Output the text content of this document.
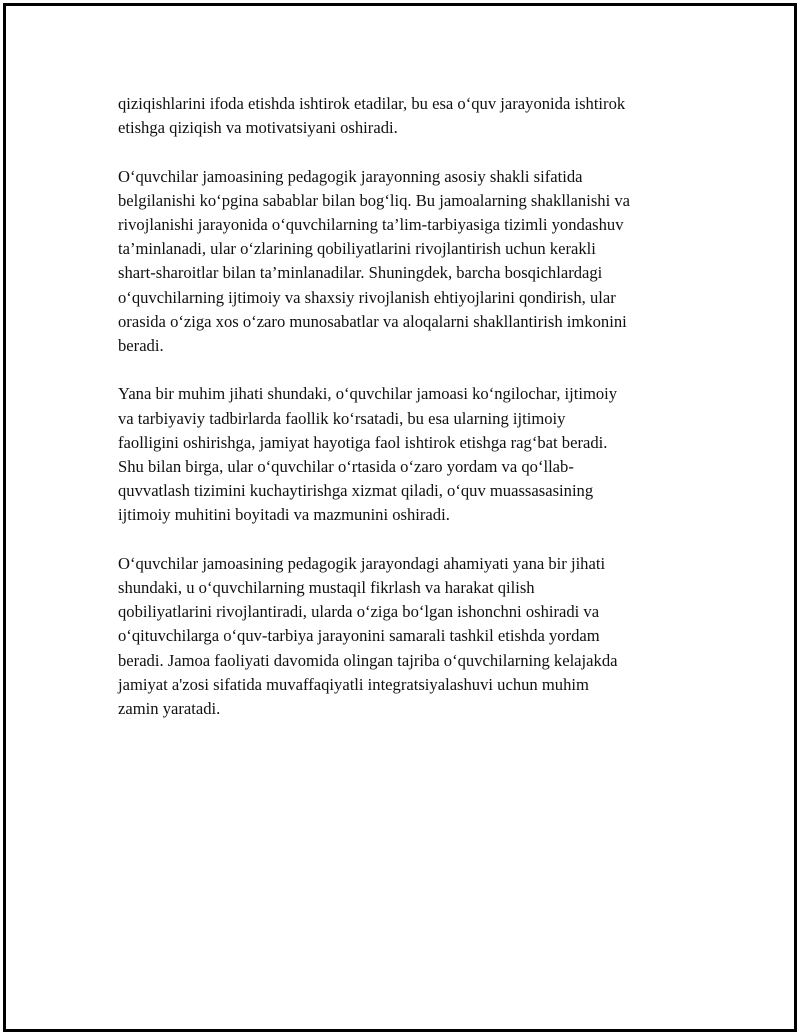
qiziqishlarini ifoda etishda ishtirok etadilar, bu esa o‘quv jarayonida ishtirok
etishga qiziqish va motivatsiyani oshiradi.

O‘quvchilar jamoasining pedagogik jarayonning asosiy shakli sifatida
belgilanishi ko‘pgina sabablar bilan bog‘liq. Bu jamoalarning shakllanishi va
rivojlanishi jarayonida o‘quvchilarning ta’lim-tarbiyasiga tizimli yondashuv
ta’minlanadi, ular o‘zlarining qobiliyatlarini rivojlantirish uchun kerakli
shart-sharoitlar bilan ta’minlanadilar. Shuningdek, barcha bosqichlardagi
o‘quvchilarning ijtimoiy va shaxsiy rivojlanish ehtiyojlarini qondirish, ular
orasida o‘ziga xos o‘zaro munosabatlar va aloqalarni shakllantirish imkonini
beradi.

Yana bir muhim jihati shundaki, o‘quvchilar jamoasi ko‘ngilochar, ijtimoiy
va tarbiyaviy tadbirlarda faollik ko‘rsatadi, bu esa ularning ijtimoiy
faolligini oshirishga, jamiyat hayotiga faol ishtirok etishga rag‘bat beradi.
Shu bilan birga, ular o‘quvchilar o‘rtasida o‘zaro yordam va qo‘llab-
quvvatlash tizimini kuchaytirishga xizmat qiladi, o‘quv muassasasining
ijtimoiy muhitini boyitadi va mazmunini oshiradi.

O‘quvchilar jamoasining pedagogik jarayondagi ahamiyati yana bir jihati
shundaki, u o‘quvchilarning mustaqil fikrlash va harakat qilish
qobiliyatlarini rivojlantiradi, ularda o‘ziga bo‘lgan ishonchni oshiradi va
o‘qituvchilarga o‘quv-tarbiya jarayonini samarali tashkil etishda yordam
beradi. Jamoa faoliyati davomida olingan tajriba o‘quvchilarning kelajakda
jamiyat a'zosi sifatida muvaffaqiyatli integratsiyalashuvi uchun muhim
zamin yaratadi.
